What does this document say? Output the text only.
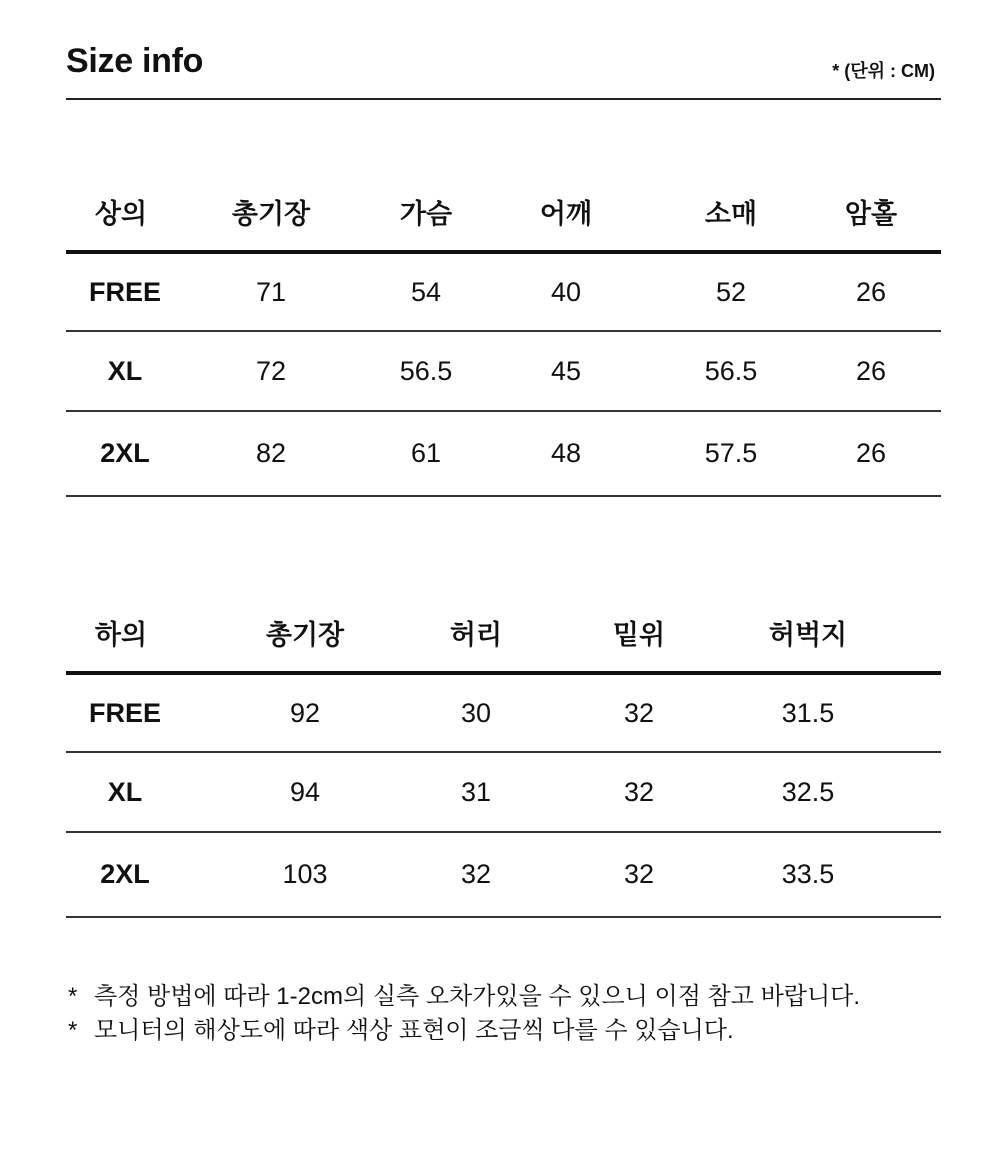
Size info	* (단위 : CM)
상의	총기장	가슴	어깨	소매	암홀
FREE	71	54	40	52	26
XL	72	56.5	45	56.5	26
2XL	82	61	48	57.5	26
하의	총기장	허리	밑위	허벅지
FREE	92	30	32	31.5
XL	94	31	32	32.5
2XL	103	32	32	33.5
* 측정 방법에 따라 1-2cm의 실측 오차가있을 수 있으니 이점 참고 바랍니다.
* 모니터의 해상도에 따라 색상 표현이 조금씩 다를 수 있습니다.
